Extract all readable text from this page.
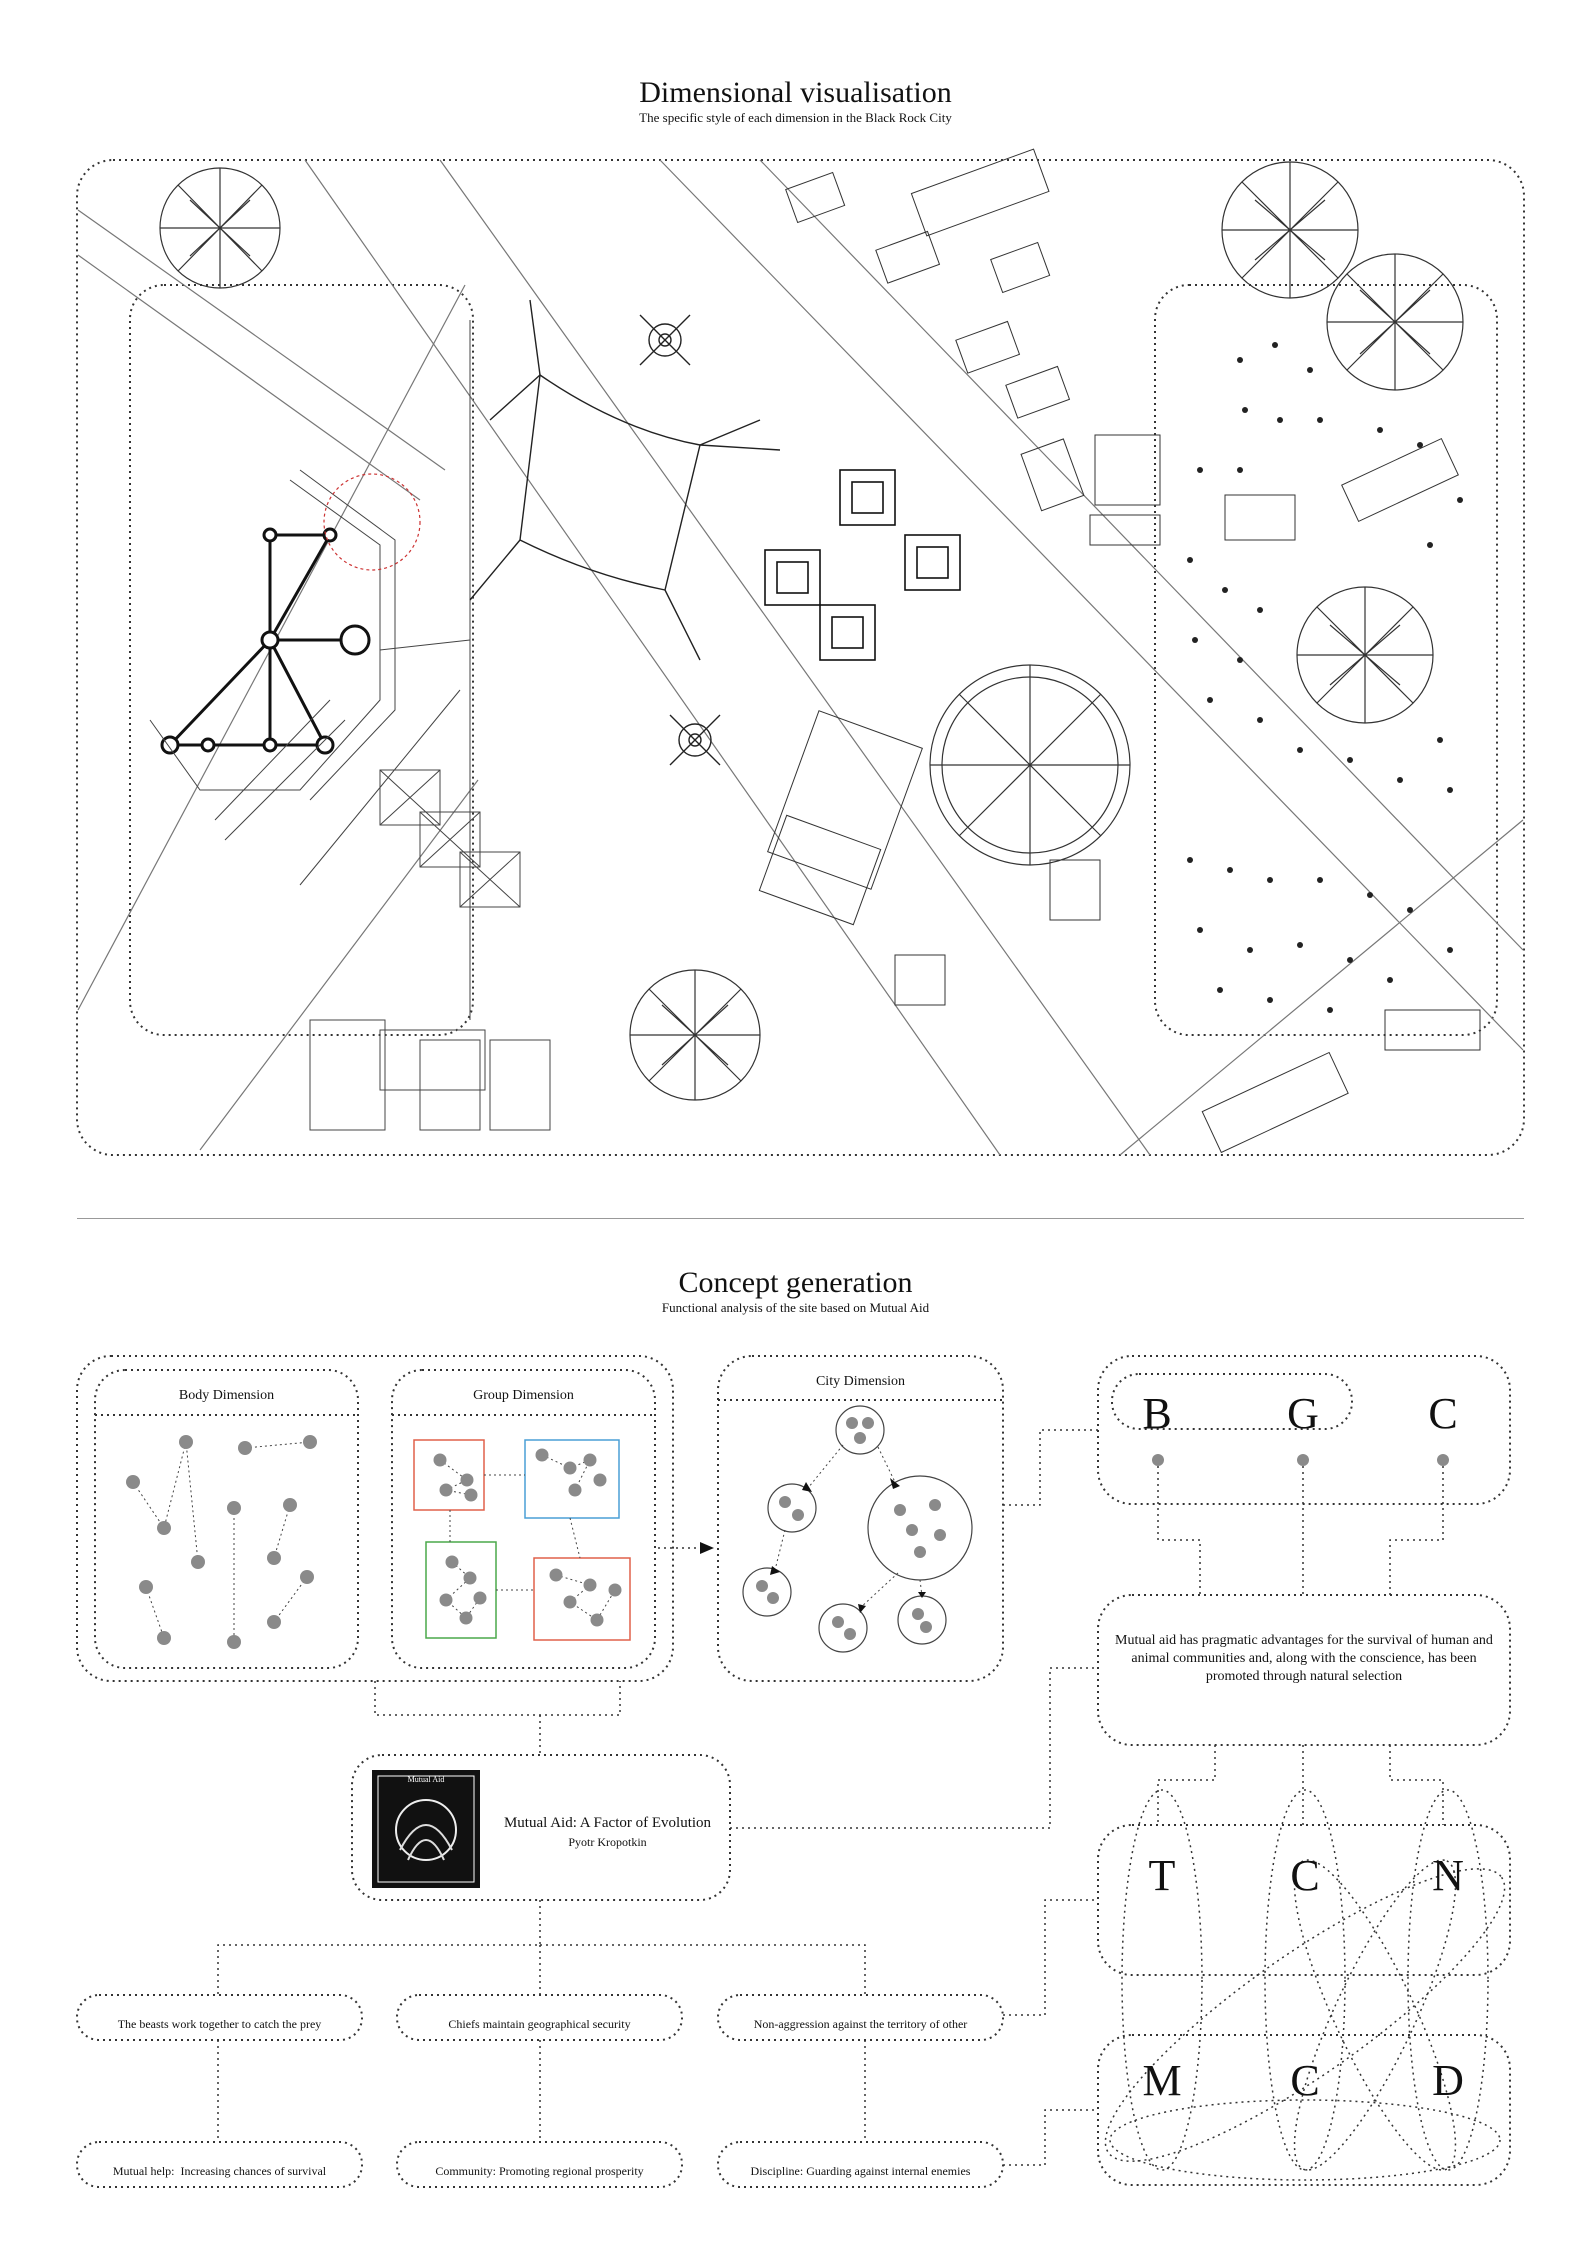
Dimensional visualisation
The specific style of each dimension in the Black Rock City
Concept generation
Functional analysis of the site based on Mutual Aid
Body Dimension	Group Dimension
City Dimension
B	G	C
Mutual aid has pragmatic advantages for the survival of human and animal communities and, along with the conscience, has been promoted through natural selection
Mutual Aid
Mutual Aid: A Factor of Evolution
Pyotr Kropotkin
T	C	N
M	C	D
The beasts work together to catch the prey	Chiefs maintain geographical security	Non-aggression against the territory of other
Mutual help:  Increasing chances of survival	Community: Promoting regional prosperity	Discipline: Guarding against internal enemies
